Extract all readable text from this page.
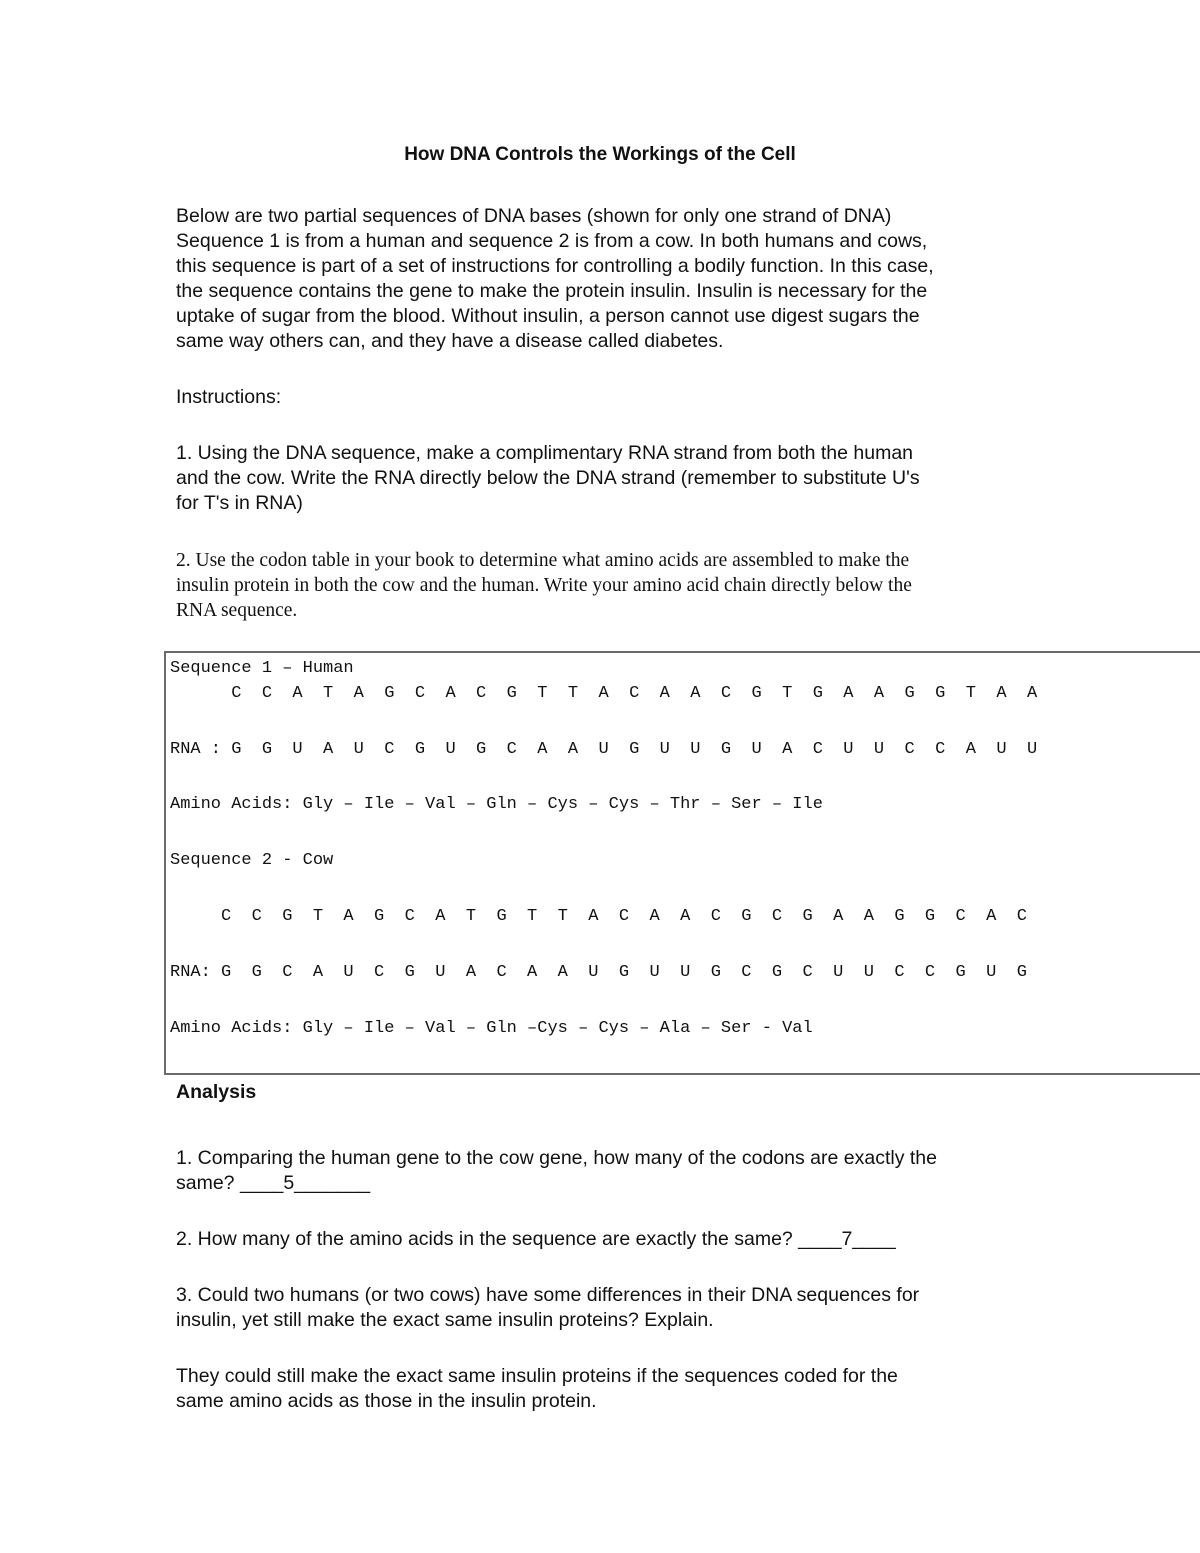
How DNA Controls the Workings of the Cell

Below are two partial sequences of DNA bases (shown for only one strand of DNA)

Sequence 1 is from a human and sequence 2 is from a cow. In both humans and cows,

this sequence is part of a set of instructions for controlling a bodily function. In this case,

the sequence contains the gene to make the protein insulin. Insulin is necessary for the

uptake of sugar from the blood. Without insulin, a person cannot use digest sugars the

same way others can, and they have a disease called diabetes.

Instructions:

1. Using the DNA sequence, make a complimentary RNA strand from both the human

and the cow. Write the RNA directly below the DNA strand (remember to substitute U's

for T's in RNA)

2. Use the codon table in your book to determine what amino acids are assembled to make the

insulin protein in both the cow and the human. Write your amino acid chain directly below the

RNA sequence.

Sequence 1 – Human

C  C  A  T  A  G  C  A  C  G  T  T  A  C  A  A  C  G  T  G  A  A  G  G  T  A  A

RNA : G  G  U  A  U  C  G  U  G  C  A  A  U  G  U  U  G  U  A  C  U  U  C  C  A  U  U

Amino Acids: Gly – Ile – Val – Gln – Cys – Cys – Thr – Ser – Ile

Sequence 2 - Cow

C  C  G  T  A  G  C  A  T  G  T  T  A  C  A  A  C  G  C  G  A  A  G  G  C  A  C

RNA: G  G  C  A  U  C  G  U  A  C  A  A  U  G  U  U  G  C  G  C  U  U  C  C  G  U  G

Amino Acids: Gly – Ile – Val – Gln –Cys – Cys – Ala – Ser - Val

Analysis

1. Comparing the human gene to the cow gene, how many of the codons are exactly the

same? ____5_______

2. How many of the amino acids in the sequence are exactly the same? ____7____

3. Could two humans (or two cows) have some differences in their DNA sequences for

insulin, yet still make the exact same insulin proteins? Explain.

They could still make the exact same insulin proteins if the sequences coded for the

same amino acids as those in the insulin protein.
